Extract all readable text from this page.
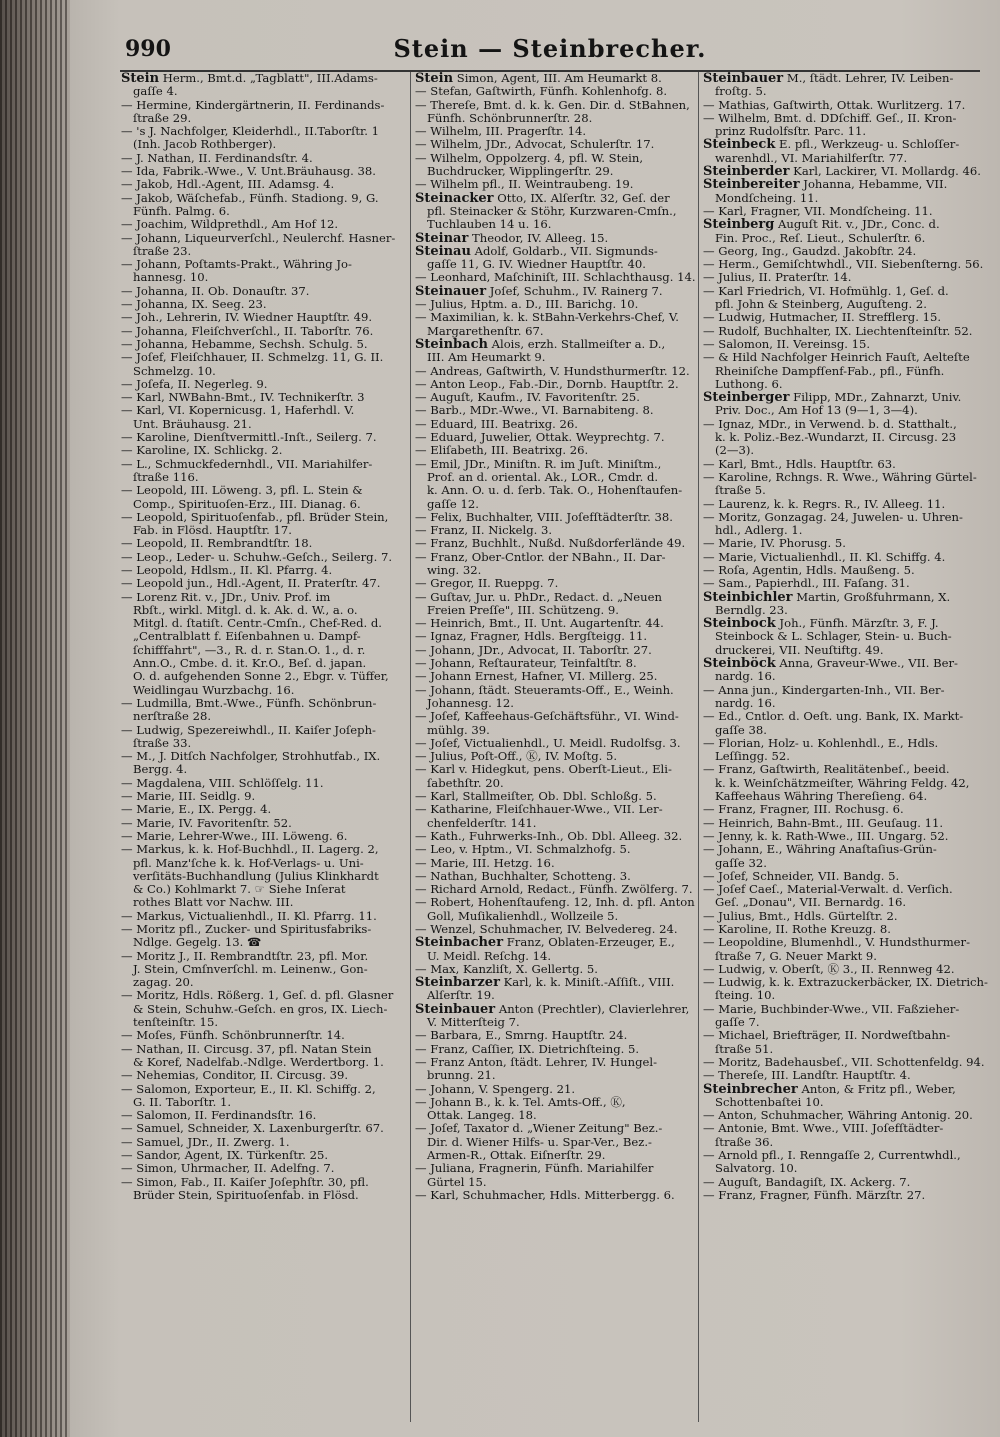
990	Stein — Steinbrecher.
Stein Herm., Bmt.d. „Tagblatt", III.Adams-
gaſſe 4.
— Hermine, Kindergärtnerin, II. Ferdinands-
ſtraße 29.
— 's J. Nachfolger, Kleiderhdl., II.Taborſtr. 1
(Inh. Jacob Rothberger).
— J. Nathan, II. Ferdinandsſtr. 4.
— Ida, Fabrik.-Wwe., V. Unt.Bräuhausg. 38.
— Jakob, Hdl.-Agent, III. Adamsg. 4.
— Jakob, Wäſchefab., Fünfh. Stadiong. 9, G.
Fünfh. Palmg. 6.
— Joachim, Wildprethdl., Am Hof 12.
— Johann, Liqueurverſchl., Neulerchf. Hasner-
ſtraße 23.
— Johann, Poſtamts-Prakt., Währing Jo-
hannesg. 10.
— Johanna, II. Ob. Donauſtr. 37.
— Johanna, IX. Seeg. 23.
— Joh., Lehrerin, IV. Wiedner Hauptſtr. 49.
— Johanna, Fleiſchverſchl., II. Taborſtr. 76.
— Johanna, Hebamme, Sechsh. Schulg. 5.
— Joſef, Fleiſchhauer, II. Schmelzg. 11, G. II.
Schmelzg. 10.
— Joſefa, II. Negerleg. 9.
— Karl, NWBahn-Bmt., IV. Technikerſtr. 3
— Karl, VI. Kopernicusg. 1, Haferhdl. V.
Unt. Bräuhausg. 21.
— Karoline, Dienſtvermittl.-Inſt., Seilerg. 7.
— Karoline, IX. Schlickg. 2.
— L., Schmuckfedernhdl., VII. Mariahilfer-
ſtraße 116.
— Leopold, III. Löweng. 3, pfl. L. Stein &
Comp., Spirituoſen-Erz., III. Dianag. 6.
— Leopold, Spirituoſenfab., pfl. Brüder Stein,
Fab. in Flösd. Hauptſtr. 17.
— Leopold, II. Rembrandtſtr. 18.
— Leop., Leder- u. Schuhw.-Geſch., Seilerg. 7.
— Leopold, Hdlsm., II. Kl. Pfarrg. 4.
— Leopold jun., Hdl.-Agent, II. Praterſtr. 47.
— Lorenz Rit. v., JDr., Univ. Prof. im
Rbſt., wirkl. Mitgl. d. k. Ak. d. W., a. o.
Mitgl. d. ſtatiſt. Centr.-Cmſn., Chef-Red. d.
„Centralblatt f. Eiſenbahnen u. Dampf-
ſchifffahrt", —3., R. d. r. Stan.O. 1., d. r.
Ann.O., Cmbe. d. it. Kr.O., Beſ. d. japan.
O. d. aufgehenden Sonne 2., Ebgr. v. Tüffer,
Weidlingau Wurzbachg. 16.
— Ludmilla, Bmt.-Wwe., Fünfh. Schönbrun-
nerſtraße 28.
— Ludwig, Spezereiwhdl., II. Kaiſer Joſeph-
ſtraße 33.
— M., J. Ditſch Nachfolger, Strohhutfab., IX.
Bergg. 4.
— Magdalena, VIII. Schlöſſelg. 11.
— Marie, III. Seidlg. 9.
— Marie, E., IX. Pergg. 4.
— Marie, IV. Favoritenſtr. 52.
— Marie, Lehrer-Wwe., III. Löweng. 6.
— Markus, k. k. Hof-Buchhdl., II. Lagerg. 2,
pfl. Manz'ſche k. k. Hof-Verlags- u. Uni-
verſitäts-Buchhandlung (Julius Klinkhardt
& Co.) Kohlmarkt 7. ☞ Siehe Inſerat
rothes Blatt vor Nachw. III.
— Markus, Victualienhdl., II. Kl. Pfarrg. 11.
— Moritz pfl., Zucker- und Spiritusfabriks-
Ndlge. Gegelg. 13. ☎
— Moritz J., II. Rembrandtſtr. 23, pfl. Mor.
J. Stein, Cmſnverſchl. m. Leinenw., Gon-
zagag. 20.
— Moritz, Hdls. Rößerg. 1, Geſ. d. pfl. Glasner
& Stein, Schuhw.-Geſch. en gros, IX. Liech-
tenſteinſtr. 15.
— Moſes, Fünfh. Schönbrunnerſtr. 14.
— Nathan, II. Circusg. 37, pfl. Natan Stein
& Koref, Nadelfab.-Ndlge. Werdertborg. 1.
— Nehemias, Conditor, II. Circusg. 39.
— Salomon, Exporteur, E., II. Kl. Schiffg. 2,
G. II. Taborſtr. 1.
— Salomon, II. Ferdinandsſtr. 16.
— Samuel, Schneider, X. Laxenburgerſtr. 67.
— Samuel, JDr., II. Zwerg. 1.
— Sandor, Agent, IX. Türkenſtr. 25.
— Simon, Uhrmacher, II. Adelfng. 7.
— Simon, Fab., II. Kaiſer Joſephſtr. 30, pfl.
Brüder Stein, Spirituoſenfab. in Flösd.
Stein Simon, Agent, III. Am Heumarkt 8.
— Stefan, Gaſtwirth, Fünfh. Kohlenhofg. 8.
— Thereſe, Bmt. d. k. k. Gen. Dir. d. StBahnen,
Fünfh. Schönbrunnerſtr. 28.
— Wilhelm, III. Pragerſtr. 14.
— Wilhelm, JDr., Advocat, Schulerſtr. 17.
— Wilhelm, Oppolzerg. 4, pfl. W. Stein,
Buchdrucker, Wipplingerſtr. 29.
— Wilhelm pfl., II. Weintraubeng. 19.
Steinacker Otto, IX. Alſerſtr. 32, Geſ. der
pfl. Steinacker & Stöhr, Kurzwaren-Cmſn.,
Tuchlauben 14 u. 16.
Steinar Theodor, IV. Alleeg. 15.
Steinau Adolf, Goldarb., VII. Sigmunds-
gaſſe 11, G. IV. Wiedner Hauptſtr. 40.
— Leonhard, Maſchiniſt, III. Schlachthausg. 14.
Steinauer Joſef, Schuhm., IV. Rainerg 7.
— Julius, Hptm. a. D., III. Barichg. 10.
— Maximilian, k. k. StBahn-Verkehrs-Chef, V.
Margarethenſtr. 67.
Steinbach Alois, erzh. Stallmeiſter a. D.,
III. Am Heumarkt 9.
— Andreas, Gaſtwirth, V. Hundsthurmerſtr. 12.
— Anton Leop., Fab.-Dir., Dornb. Hauptſtr. 2.
— Auguſt, Kaufm., IV. Favoritenſtr. 25.
— Barb., MDr.-Wwe., VI. Barnabiteng. 8.
— Eduard, III. Beatrixg. 26.
— Eduard, Juwelier, Ottak. Weyprechtg. 7.
— Eliſabeth, III. Beatrixg. 26.
— Emil, JDr., Miniſtn. R. im Juſt. Miniſtm.,
Prof. an d. oriental. Ak., LOR., Cmdr. d.
k. Ann. O. u. d. ſerb. Tak. O., Hohenſtaufen-
gaſſe 12.
— Felix, Buchhalter, VIII. Joſefſtädterſtr. 38.
— Franz, II. Nickelg. 3.
— Franz, Buchhlt., Nußd. Nußdorferlände 49.
— Franz, Ober-Cntlor. der NBahn., II. Dar-
wing. 32.
— Gregor, II. Rueppg. 7.
— Guſtav, Jur. u. PhDr., Redact. d. „Neuen
Freien Preſſe", III. Schützeng. 9.
— Heinrich, Bmt., II. Unt. Augartenſtr. 44.
— Ignaz, Fragner, Hdls. Bergſteigg. 11.
— Johann, JDr., Advocat, II. Taborſtr. 27.
— Johann, Reſtaurateur, Teinfaltſtr. 8.
— Johann Ernest, Hafner, VI. Millerg. 25.
— Johann, ſtädt. Steueramts-Off., E., Weinh.
Johannesg. 12.
— Joſef, Kaffeehaus-Geſchäftsführ., VI. Wind-
mühlg. 39.
— Joſef, Victualienhdl., U. Meidl. Rudolfsg. 3.
— Julius, Poſt-Off., Ⓚ, IV. Moſtg. 5.
— Karl v. Hidegkut, pens. Oberſt-Lieut., Eli-
ſabethſtr. 20.
— Karl, Stallmeiſter, Ob. Dbl. Schloßg. 5.
— Katharine, Fleiſchhauer-Wwe., VII. Ler-
chenfelderſtr. 141.
— Kath., Fuhrwerks-Inh., Ob. Dbl. Alleeg. 32.
— Leo, v. Hptm., VI. Schmalzhofg. 5.
— Marie, III. Hetzg. 16.
— Nathan, Buchhalter, Schotteng. 3.
— Richard Arnold, Redact., Fünfh. Zwölferg. 7.
— Robert, Hohenſtaufeng. 12, Inh. d. pfl. Anton
Goll, Muſikalienhdl., Wollzeile 5.
— Wenzel, Schuhmacher, IV. Belvedereg. 24.
Steinbacher Franz, Oblaten-Erzeuger, E.,
U. Meidl. Reſchg. 14.
— Max, Kanzliſt, X. Gellertg. 5.
Steinbarzer Karl, k. k. Miniſt.-Aſſiſt., VIII.
Alſerſtr. 19.
Steinbauer Anton (Prechtler), Clavierlehrer,
V. Mitterſteig 7.
— Barbara, E., Smrng. Hauptſtr. 24.
— Franz, Caſſier, IX. Dietrichſteing. 5.
— Franz Anton, ſtädt. Lehrer, IV. Hungel-
brunng. 21.
— Johann, V. Spengerg. 21.
— Johann B., k. k. Tel. Amts-Off., Ⓚ,
Ottak. Langeg. 18.
— Joſef, Taxator d. „Wiener Zeitung" Bez.-
Dir. d. Wiener Hilfs- u. Spar-Ver., Bez.-
Armen-R., Ottak. Eiſnerſtr. 29.
— Juliana, Fragnerin, Fünfh. Mariahilfer
Gürtel 15.
— Karl, Schuhmacher, Hdls. Mitterbergg. 6.
Steinbauer M., ſtädt. Lehrer, IV. Leiben-
froſtg. 5.
— Mathias, Gaſtwirth, Ottak. Wurlitzerg. 17.
— Wilhelm, Bmt. d. DDſchiff. Geſ., II. Kron-
prinz Rudolfsſtr. Parc. 11.
Steinbeck E. pfl., Werkzeug- u. Schloſſer-
warenhdl., VI. Mariahilferſtr. 77.
Steinberder Karl, Lackirer, VI. Mollardg. 46.
Steinbereiter Johanna, Hebamme, VII.
Mondſcheing. 11.
— Karl, Fragner, VII. Mondſcheing. 11.
Steinberg Auguſt Rit. v., JDr., Conc. d.
Fin. Proc., Reſ. Lieut., Schulerſtr. 6.
— Georg, Ing., Gaudzd. Jakobſtr. 24.
— Herm., Gemiſchtwhdl., VII. Siebenſterng. 56.
— Julius, II. Praterſtr. 14.
— Karl Friedrich, VI. Hofmühlg. 1, Geſ. d.
pfl. John & Steinberg, Auguſteng. 2.
— Ludwig, Hutmacher, II. Strefflerg. 15.
— Rudolf, Buchhalter, IX. Liechtenſteinſtr. 52.
— Salomon, II. Vereinsg. 15.
— & Hild Nachfolger Heinrich Fauſt, Aelteſte
Rheiniſche Dampfſenf-Fab., pfl., Fünfh.
Luthong. 6.
Steinberger Filipp, MDr., Zahnarzt, Univ.
Priv. Doc., Am Hof 13 (9—1, 3—4).
— Ignaz, MDr., in Verwend. b. d. Statthalt.,
k. k. Poliz.-Bez.-Wundarzt, II. Circusg. 23
(2—3).
— Karl, Bmt., Hdls. Hauptſtr. 63.
— Karoline, Rchngs. R. Wwe., Währing Gürtel-
ſtraße 5.
— Laurenz, k. k. Regrs. R., IV. Alleeg. 11.
— Moritz, Gonzagag. 24, Juwelen- u. Uhren-
hdl., Adlerg. 1.
— Marie, IV. Phorusg. 5.
— Marie, Victualienhdl., II. Kl. Schiffg. 4.
— Roſa, Agentin, Hdls. Maußeng. 5.
— Sam., Papierhdl., III. Faſang. 31.
Steinbichler Martin, Großfuhrmann, X.
Berndlg. 23.
Steinbock Joh., Fünfh. Märzſtr. 3, F. J.
Steinbock & L. Schlager, Stein- u. Buch-
druckerei, VII. Neuſtiftg. 49.
Steinböck Anna, Graveur-Wwe., VII. Ber-
nardg. 16.
— Anna jun., Kindergarten-Inh., VII. Ber-
nardg. 16.
— Ed., Cntlor. d. Oeſt. ung. Bank, IX. Markt-
gaſſe 38.
— Florian, Holz- u. Kohlenhdl., E., Hdls.
Leſſingg. 52.
— Franz, Gaſtwirth, Realitätenbeſ., beeid.
k. k. Weinſchätzmeiſter, Währing Feldg. 42,
Kaffeehaus Währing Thereſieng. 64.
— Franz, Fragner, III. Rochusg. 6.
— Heinrich, Bahn-Bmt., III. Geuſaug. 11.
— Jenny, k. k. Rath-Wwe., III. Ungarg. 52.
— Johann, E., Währing Anaſtaſius-Grün-
gaſſe 32.
— Joſef, Schneider, VII. Bandg. 5.
— Joſef Caeſ., Material-Verwalt. d. Verſich.
Geſ. „Donau", VII. Bernardg. 16.
— Julius, Bmt., Hdls. Gürtelſtr. 2.
— Karoline, II. Rothe Kreuzg. 8.
— Leopoldine, Blumenhdl., V. Hundsthurmer-
ſtraße 7, G. Neuer Markt 9.
— Ludwig, v. Oberſt, Ⓚ 3., II. Rennweg 42.
— Ludwig, k. k. Extrazuckerbäcker, IX. Dietrich-
ſteing. 10.
— Marie, Buchbinder-Wwe., VII. Faßzieher-
gaſſe 7.
— Michael, Briefträger, II. Nordweſtbahn-
ſtraße 51.
— Moritz, Badehausbeſ., VII. Schottenfeldg. 94.
— Thereſe, III. Landſtr. Hauptſtr. 4.
Steinbrecher Anton, & Fritz pfl., Weber,
Schottenbaſtei 10.
— Anton, Schuhmacher, Währing Antonig. 20.
— Antonie, Bmt. Wwe., VIII. Joſefſtädter-
ſtraße 36.
— Arnold pfl., I. Renngaſſe 2, Currentwhdl.,
Salvatorg. 10.
— Auguſt, Bandagiſt, IX. Ackerg. 7.
— Franz, Fragner, Fünfh. Märzſtr. 27.
